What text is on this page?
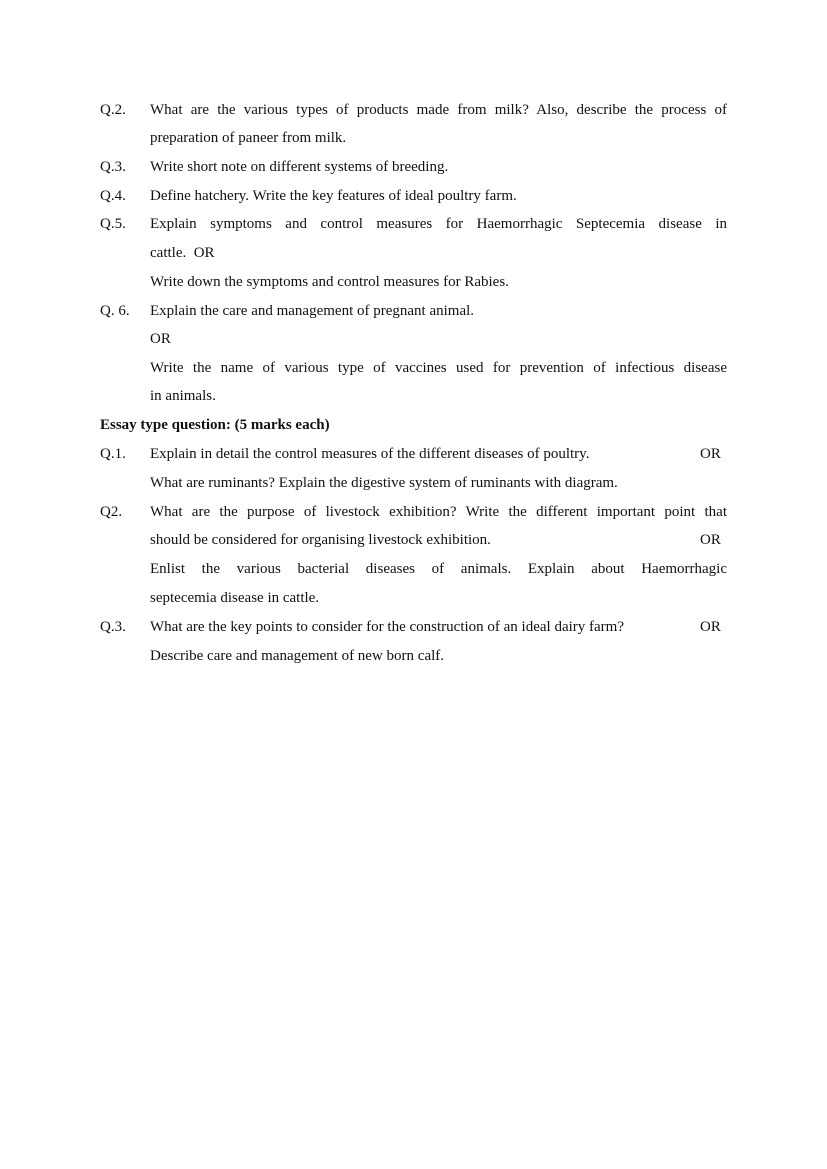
Q.2. What are the various types of products made from milk? Also, describe the process of
preparation of paneer from milk.
Q.3. Write short note on different systems of breeding.
Q.4. Define hatchery. Write the key features of ideal poultry farm.
Q.5. Explain symptoms and control measures for Haemorrhagic Septecemia disease in
cattle.  OR
Write down the symptoms and control measures for Rabies.
Q. 6. Explain the care and management of pregnant animal.
OR
Write the name of various type of vaccines used for prevention of infectious disease
in animals.
Essay type question: (5 marks each)
Q.1. Explain in detail the control measures of the different diseases of poultry.	OR
What are ruminants? Explain the digestive system of ruminants with diagram.
Q2. What are the purpose of livestock exhibition? Write the different important point that
should be considered for organising livestock exhibition.	OR
Enlist the various bacterial diseases of animals. Explain about Haemorrhagic
septecemia disease in cattle.
Q.3. What are the key points to consider for the construction of an ideal dairy farm?	OR
Describe care and management of new born calf.
